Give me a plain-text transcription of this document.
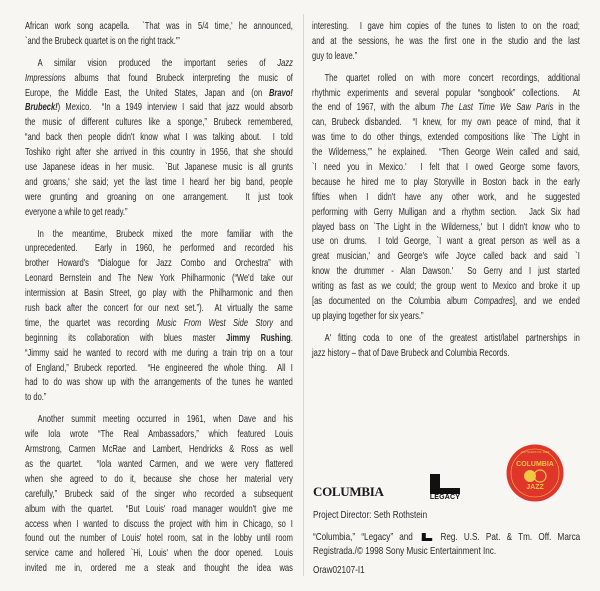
African work song acapella.  `That was in 5/4 time,' he announced,
`and the Brubeck quartet is on the right track.'”
A similar vision produced the important series of Jazz
Impressions albums that found Brubeck interpreting the music of
Europe, the Middle East, the United States, Japan and (on Bravo!
Brubeck!) Mexico.  “In a 1949 interview I said that jazz would absorb
the music of different cultures like a sponge,” Brubeck remembered,
“and back then people didn't know what I was talking about.  I told
Toshiko right after she arrived in this country in 1956, that she should
use Japanese ideas in her music.  `But Japanese music is all grunts
and groans,' she said; yet the last time I heard her big band, people
were grunting and groaning on one arrangement.  It just took
everyone a while to get ready.”
In the meantime, Brubeck mixed the more familiar with the
unprecedented.  Early in 1960, he performed and recorded his
brother Howard's “Dialogue for Jazz Combo and Orchestra” with
Leonard Bernstein and The New York Philharmonic (“We'd take our
intermission at Basin Street, go play with the Philharmonic and then
rush back after the concert for our next set.”).  At virtually the same
time, the quartet was recording Music From West Side Story and
beginning its collaboration with blues master Jimmy Rushing.
“Jimmy said he wanted to record with me during a train trip on a tour
of England,” Brubeck reported.  “He engineered the whole thing.  All I
had to do was show up with the arrangements of the tunes he wanted
to do.”
Another summit meeting occurred in 1961, when Dave and his
wife Iola wrote “The Real Ambassadors,” which featured Louis
Armstrong, Carmen McRae and Lambert, Hendricks & Ross as well
as the quartet.  “Iola wanted Carmen, and we were very flattered
when she agreed to do it, because she chose her material very
carefully,” Brubeck said of the singer who recorded a subsequent
album with the quartet.  “But Louis' road manager wouldn't give me
access when I wanted to discuss the project with him in Chicago, so I
found out the number of Louis' hotel room, sat in the lobby until room
service came and hollered `Hi, Louis' when the door opened.  Louis
invited me in, ordered me a steak and thought the idea was
interesting.  I gave him copies of the tunes to listen to on the road;
and at the sessions, he was the first one in the studio and the last
guy to leave.”
The quartet rolled on with more concert recordings, additional
rhythmic experiments and several popular “songbook” collections.  At
the end of 1967, with the album The Last Time We Saw Paris in the
can, Brubeck disbanded.  “I knew, for my own peace of mind, that it
was time to do other things, extended compositions like `The Light in
the Wilderness,'” he explained.  “Then George Wein called and said,
`I need you in Mexico.'  I felt that I owed George some favors,
because he hired me to play Storyville in Boston back in the early
fifties when I didn't have any other work, and he suggested
performing with Gerry Mulligan and a rhythm section.  Jack Six had
played bass on `The Light in the Wilderness,' but I didn't know who to
use on drums.  I told George, `I want a great person as well as a
great musician,' and George's wife Joyce called back and said `I
know the drummer - Alan Dawson.'  So Gerry and I just started
writing as fast as we could; the group went to Mexico and broke it up
[as documented on the Columbia album Compadres], and we ended
up playing together for six years.”
A' fitting coda to one of the greatest artist/label partnerships in
jazz history – that of Dave Brubeck and Columbia Records.
COLUMBIA	LEGACY
COLUMBIA
JAZZ
100 YEARS OF JAZZ
Project Director: Seth Rothstein
“Columbia,” “Legacy” and	Reg. U.S. Pat. & Tm. Off. Marca
Registrada./© 1998 Sony Music Entertainment Inc.
Oraw02107-I1
